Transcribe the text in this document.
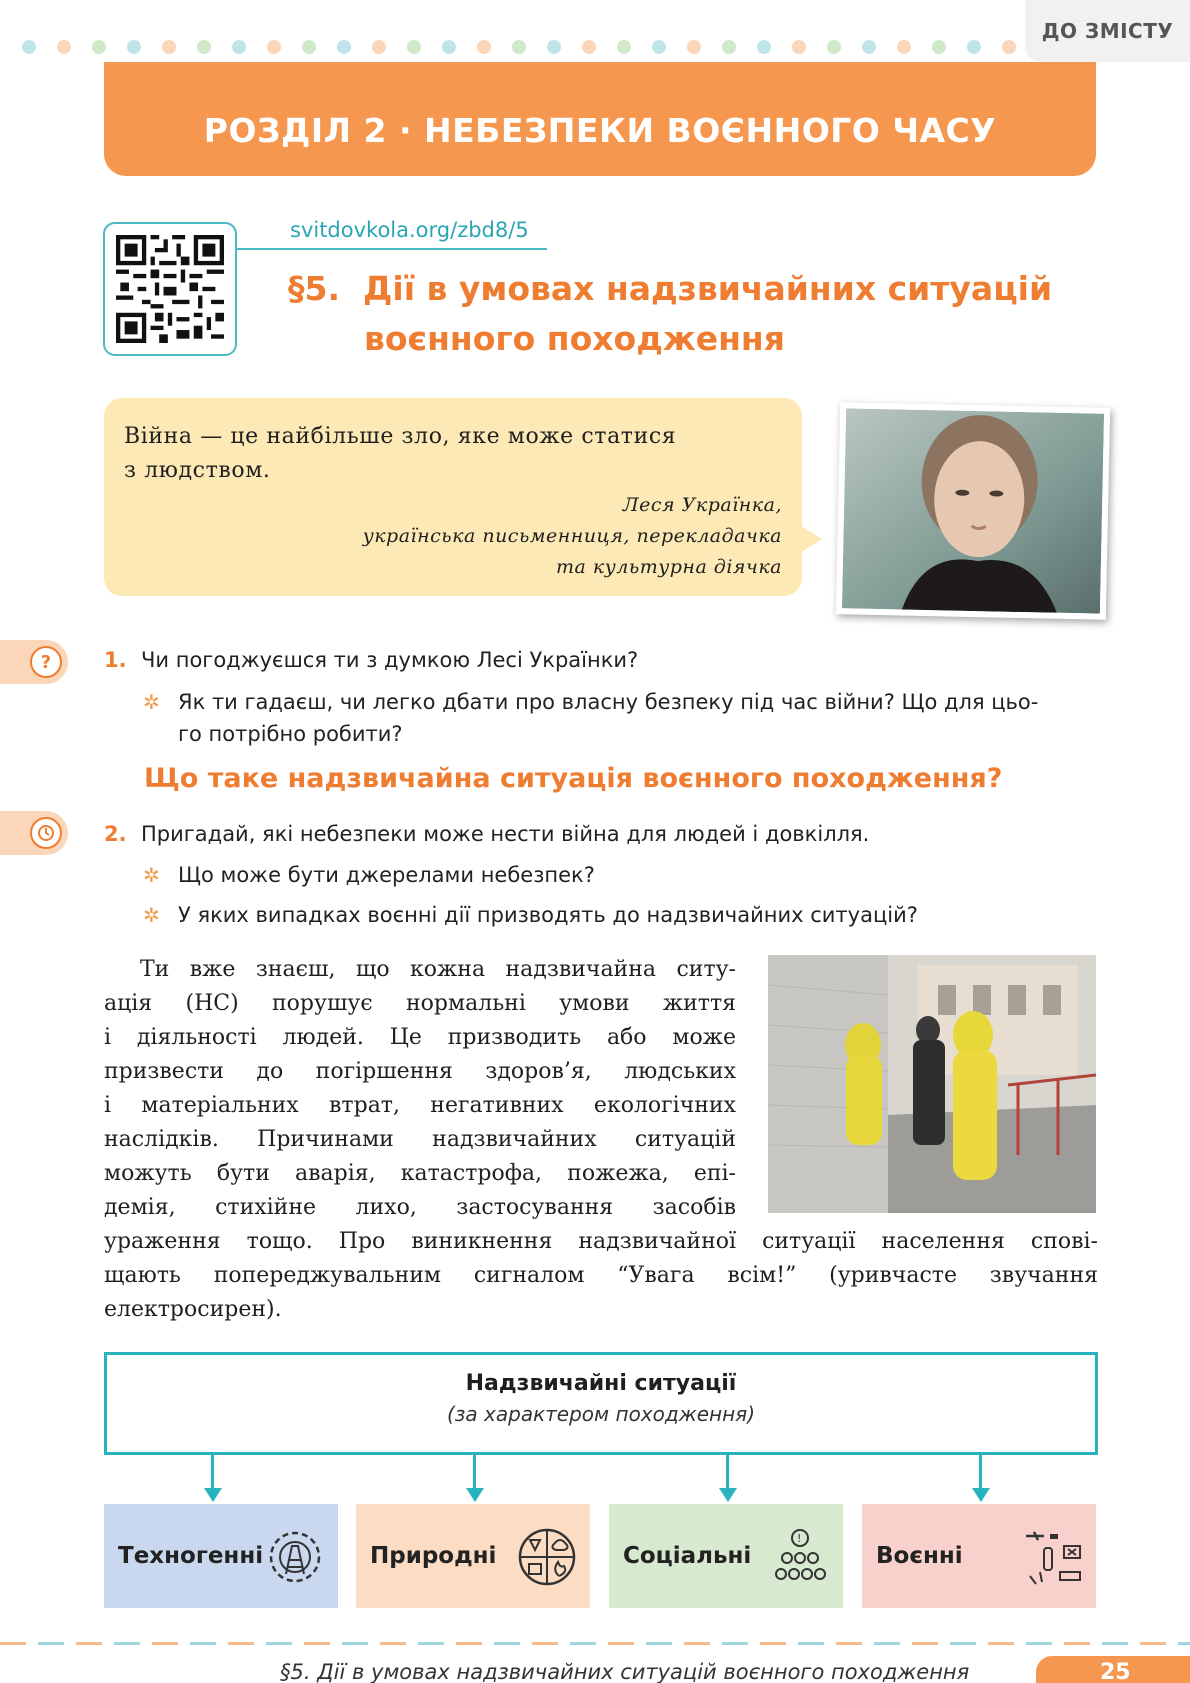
ДО ЗМІСТУ
РОЗДІЛ 2 · НЕБЕЗПЕКИ ВОЄННОГО ЧАСУ
svitdovkola.org/zbd8/5
§5. Дії в умовах надзвичайних ситуацій
воєнного походження
Війна — це найбільше зло, яке може статися
з людством.
Леся Українка,
українська письменниця, перекладачка
та культурна діячка
?	1. Чи погоджуєшся ти з думкою Лесі Українки?
✲ Як ти гадаєш, чи легко дбати про власну безпеку під час війни? Що для цьо-
го потрібно робити?
Що таке надзвичайна ситуація воєнного походження?
2. Пригадай, які небезпеки може нести війна для людей і довкілля.
✲ Що може бути джерелами небезпек?
✲ У яких випадках воєнні дії призводять до надзвичайних ситуацій?
Ти вже знаєш, що кожна надзвичайна ситу-
ація (НС) порушує нормальні умови життя
і діяльності людей. Це призводить або може
призвести до погіршення здоров’я, людських
і матеріальних втрат, негативних екологічних
наслідків. Причинами надзвичайних ситуацій
можуть бути аварія, катастрофа, пожежа, епі-
демія, стихійне лихо, застосування засобів
ураження тощо. Про виникнення надзвичайної ситуації населення сповi-
щають попереджувальним сигналом “Увага всім!” (уривчасте звучання
електросирен).
Надзвичайні ситуації
(за характером походження)
Техногенні	Природні	Соціальні
!
Воєнні
§5. Дії в умовах надзвичайних ситуацій воєнного походження	25
